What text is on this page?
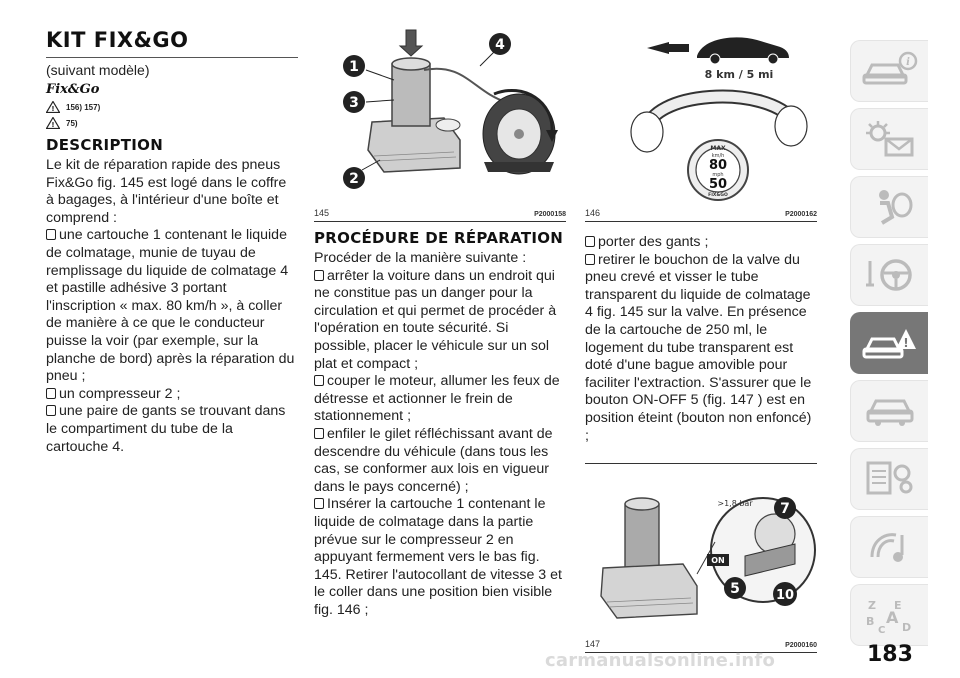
KIT FIX&GO
(suivant modèle)
Fix&Go
! 156) 157)
! 75)
DESCRIPTION

Le kit de réparation rapide des pneus Fix&Go fig. 145 est logé dans le coffre à bagages, à l'intérieur d'une boîte et comprend :

une cartouche 1 contenant le liquide de colmatage, munie de tuyau de remplissage du liquide de colmatage 4 et pastille adhésive 3 portant l'inscription « max. 80 km/h », à coller de manière à ce que le conducteur puisse la voir (par exemple, sur la planche de bord) après la réparation du pneu ;

un compresseur 2 ;

une paire de gants se trouvant dans le compartiment du tube de la cartouche 4.

1
2
3
4
145	P2000158
PROCÉDURE DE RÉPARATION

Procéder de la manière suivante :

arrêter la voiture dans un endroit qui ne constitue pas un danger pour la circulation et qui permet de procéder à l'opération en toute sécurité. Si possible, placer le véhicule sur un sol plat et compact ;

couper le moteur, allumer les feux de détresse et actionner le frein de stationnement ;

enfiler le gilet réfléchissant avant de descendre du véhicule (dans tous les cas, se conformer aux lois en vigueur dans le pays concerné) ;

Insérer la cartouche 1 contenant le liquide de colmatage dans la partie prévue sur le compresseur 2 en appuyant fermement vers le bas fig. 145. Retirer l'autocollant de vitesse 3 et le coller dans une position bien visible fig. 146 ;

8 km / 5 mi
MAX
km/h
80
mph
50
FIX&GO
146	P2000162

porter des gants ;

retirer le bouchon de la valve du pneu crevé et visser le tube transparent du liquide de colmatage 4 fig. 145 sur la valve. En présence de la cartouche de 250 ml, le logement du tube transparent est doté d'une bague amovible pour faciliter l'extraction. S'assurer que le bouton ON-OFF 5 (fig. 147 ) est en position éteint (bouton non enfoncé) ;

>1,8 bar
ON
7
5	10
147	P2000160
i
!
Z E
B A
C D
carmanualsonline.info	183
